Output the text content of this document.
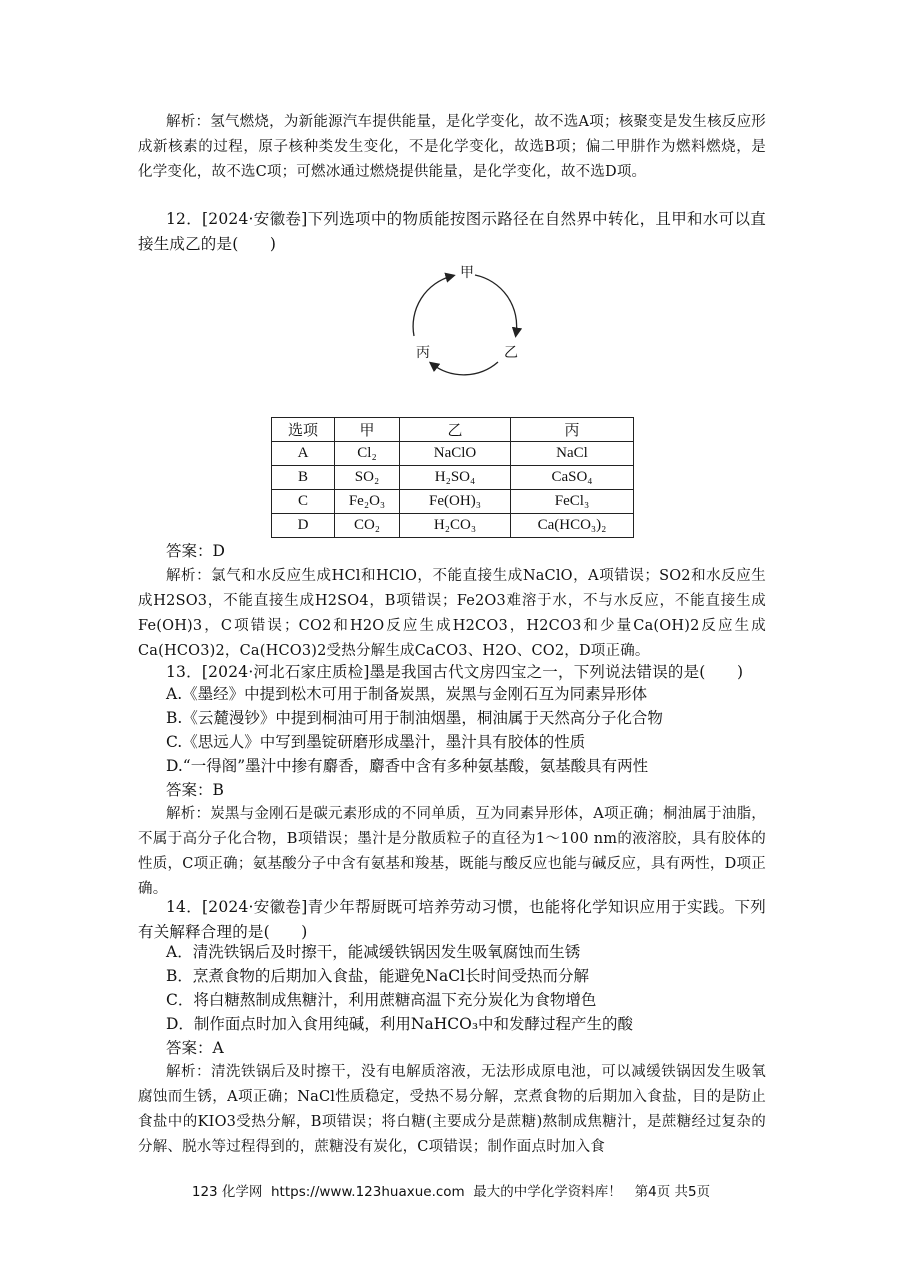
解析：氢气燃烧，为新能源汽车提供能量，是化学变化，故不选A项；核聚变是发生核反应形成新核素的过程，原子核种类发生变化，不是化学变化，故选B项；偏二甲肼作为燃料燃烧，是化学变化，故不选C项；可燃冰通过燃烧提供能量，是化学变化，故不选D项。

12．[2024·安徽卷]下列选项中的物质能按图示路径在自然界中转化，且甲和水可以直接生成乙的是(　　)

甲
乙
丙
选项	甲	乙	丙
A	Cl₂	NaClO	NaCl
B	SO₂	H₂SO₄	CaSO₄
C	Fe₂O₃	Fe(OH)₃	FeCl₃
D	CO₂	H₂CO₃	Ca(HCO₃)₂

答案：D

解析：氯气和水反应生成HCl和HClO，不能直接生成NaClO，A项错误；SO2和水反应生成H2SO3，不能直接生成H2SO4，B项错误；Fe2O3难溶于水，不与水反应，不能直接生成Fe(OH)3，C项错误；CO2和H2O反应生成H2CO3，H2CO3和少量Ca(OH)2反应生成Ca(HCO3)2，Ca(HCO3)2受热分解生成CaCO3、H2O、CO2，D项正确。

13．[2024·河北石家庄质检]墨是我国古代文房四宝之一，下列说法错误的是(　　)

A.《墨经》中提到松木可用于制备炭黑，炭黑与金刚石互为同素异形体

B.《云麓漫钞》中提到桐油可用于制油烟墨，桐油属于天然高分子化合物

C.《思远人》中写到墨锭研磨形成墨汁，墨汁具有胶体的性质

D.“一得阁”墨汁中掺有麝香，麝香中含有多种氨基酸，氨基酸具有两性

答案：B

解析：炭黑与金刚石是碳元素形成的不同单质，互为同素异形体，A项正确；桐油属于油脂，不属于高分子化合物，B项错误；墨汁是分散质粒子的直径为1～100 nm的液溶胶，具有胶体的性质，C项正确；氨基酸分子中含有氨基和羧基，既能与酸反应也能与碱反应，具有两性，D项正确。

14．[2024·安徽卷]青少年帮厨既可培养劳动习惯，也能将化学知识应用于实践。下列有关解释合理的是(　　)

A．清洗铁锅后及时擦干，能减缓铁锅因发生吸氧腐蚀而生锈

B．烹煮食物的后期加入食盐，能避免NaCl长时间受热而分解

C．将白糖熬制成焦糖汁，利用蔗糖高温下充分炭化为食物增色

D．制作面点时加入食用纯碱，利用NaHCO₃中和发酵过程产生的酸

答案：A

解析：清洗铁锅后及时擦干，没有电解质溶液，无法形成原电池，可以减缓铁锅因发生吸氧腐蚀而生锈，A项正确；NaCl性质稳定，受热不易分解，烹煮食物的后期加入食盐，目的是防止食盐中的KIO3受热分解，B项错误；将白糖(主要成分是蔗糖)熬制成焦糖汁，是蔗糖经过复杂的分解、脱水等过程得到的，蔗糖没有炭化，C项错误；制作面点时加入食

123 化学网  https://www.123huaxue.com  最大的中学化学资料库！   第4页 共5页
